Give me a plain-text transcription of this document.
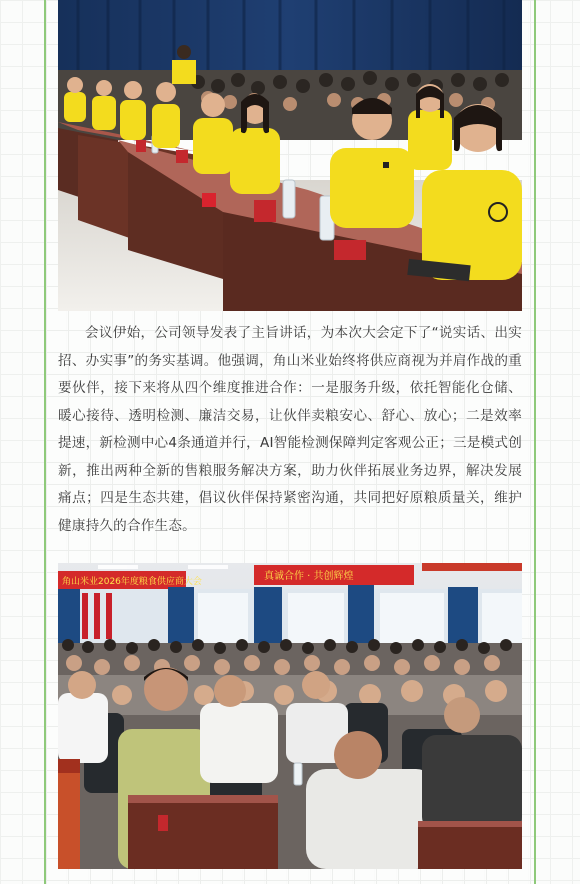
会议伊始，公司领导发表了主旨讲话，为本次大会定下了“说实话、出实招、办实事”的务实基调。他强调，角山米业始终将供应商视为并肩作战的重要伙伴，接下来将从四个维度推进合作：一是服务升级，依托智能化仓储、暖心接待、透明检测、廉洁交易，让伙伴卖粮安心、舒心、放心；二是效率提速，新检测中心4条通道并行，AI智能检测保障判定客观公正；三是模式创新，推出两种全新的售粮服务解决方案，助力伙伴拓展业务边界，解决发展痛点；四是生态共建，倡议伙伴保持紧密沟通，共同把好原粮质量关，维护健康持久的合作生态。

角山米业2026年度粮食供应商大会	真诚合作 · 共创辉煌
